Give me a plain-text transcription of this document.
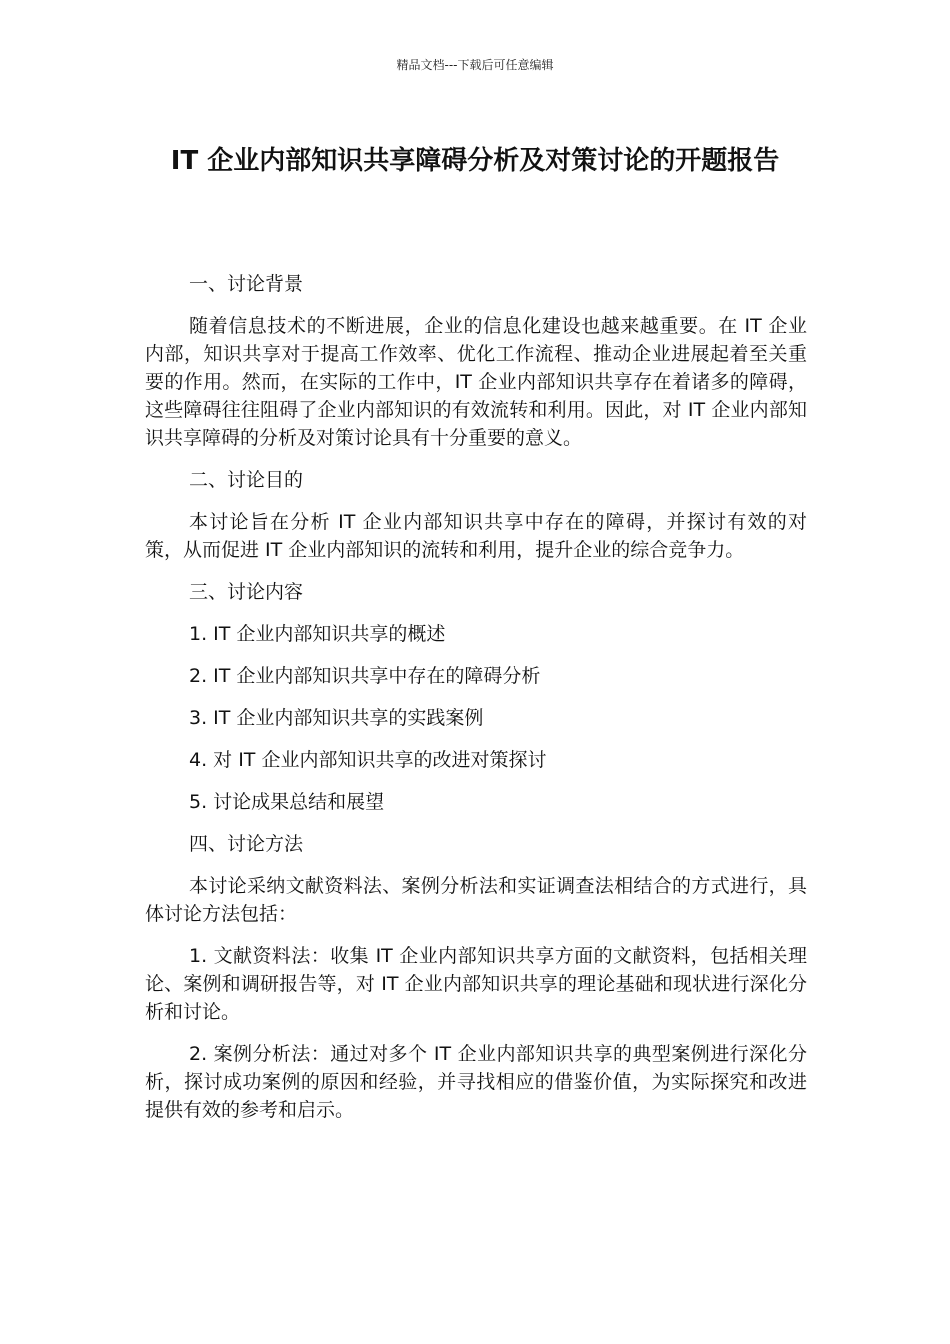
精品文档---下载后可任意编辑
IT 企业内部知识共享障碍分析及对策讨论的开题报告

一、讨论背景

随着信息技术的不断进展，企业的信息化建设也越来越重要。在 IT 企业内部，知识共享对于提高工作效率、优化工作流程、推动企业进展起着至关重要的作用。然而，在实际的工作中，IT 企业内部知识共享存在着诸多的障碍，这些障碍往往阻碍了企业内部知识的有效流转和利用。因此，对 IT 企业内部知识共享障碍的分析及对策讨论具有十分重要的意义。

二、讨论目的

本讨论旨在分析 IT 企业内部知识共享中存在的障碍，并探讨有效的对策，从而促进 IT 企业内部知识的流转和利用，提升企业的综合竞争力。

三、讨论内容

1. IT 企业内部知识共享的概述

2. IT 企业内部知识共享中存在的障碍分析

3. IT 企业内部知识共享的实践案例

4. 对 IT 企业内部知识共享的改进对策探讨

5. 讨论成果总结和展望

四、讨论方法

本讨论采纳文献资料法、案例分析法和实证调查法相结合的方式进行，具体讨论方法包括：

1. 文献资料法：收集 IT 企业内部知识共享方面的文献资料，包括相关理论、案例和调研报告等，对 IT 企业内部知识共享的理论基础和现状进行深化分析和讨论。

2. 案例分析法：通过对多个 IT 企业内部知识共享的典型案例进行深化分析，探讨成功案例的原因和经验，并寻找相应的借鉴价值，为实际探究和改进提供有效的参考和启示。
